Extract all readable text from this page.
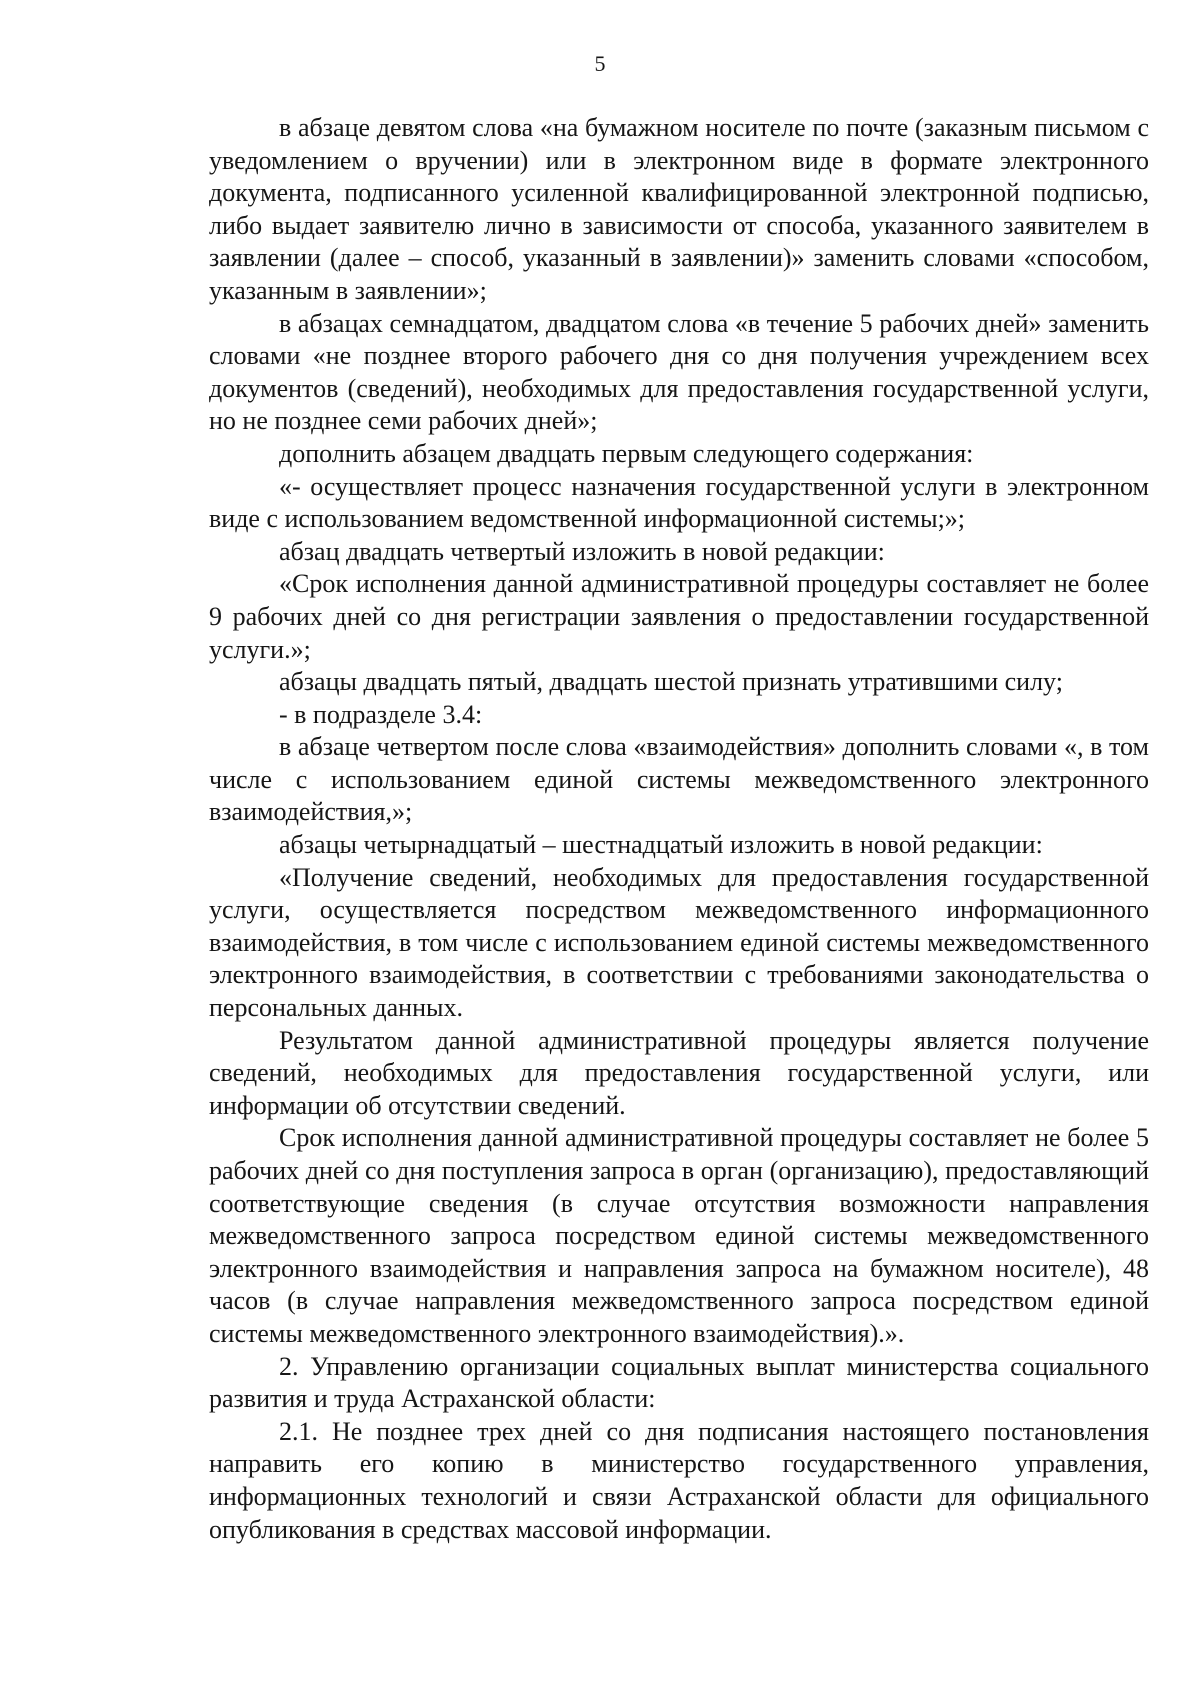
5

в абзаце девятом слова «на бумажном носителе по почте (заказным письмом с уведомлением о вручении) или в электронном виде в формате электронного документа, подписанного усиленной квалифицированной электронной подписью, либо выдает заявителю лично в зависимости от способа, указанного заявителем в заявлении (далее – способ, указанный в заявлении)» заменить словами «способом, указанным в заявлении»;

в абзацах семнадцатом, двадцатом слова «в течение 5 рабочих дней» заменить словами «не позднее второго рабочего дня со дня получения учреждением всех документов (сведений), необходимых для предоставления государственной услуги, но не позднее семи рабочих дней»;

дополнить абзацем двадцать первым следующего содержания:

«- осуществляет процесс назначения государственной услуги в электронном виде с использованием ведомственной информационной системы;»;

абзац двадцать четвертый изложить в новой редакции:

«Срок исполнения данной административной процедуры составляет не более 9 рабочих дней со дня регистрации заявления о предоставлении государственной услуги.»;

абзацы двадцать пятый, двадцать шестой признать утратившими силу;

- в подразделе 3.4:

в абзаце четвертом после слова «взаимодействия» дополнить словами «, в том числе с использованием единой системы межведомственного электронного взаимодействия,»;

абзацы четырнадцатый – шестнадцатый изложить в новой редакции:

«Получение сведений, необходимых для предоставления государственной услуги, осуществляется посредством межведомственного информационного взаимодействия, в том числе с использованием единой системы межведомственного электронного взаимодействия, в соответствии с требованиями законодательства о персональных данных.

Результатом данной административной процедуры является получение сведений, необходимых для предоставления государственной услуги, или информации об отсутствии сведений.

Срок исполнения данной административной процедуры составляет не более 5 рабочих дней со дня поступления запроса в орган (организацию), предоставляющий соответствующие сведения (в случае отсутствия возможности направления межведомственного запроса посредством единой системы межведомственного электронного взаимодействия и направления запроса на бумажном носителе), 48 часов (в случае направления межведомственного запроса посредством единой системы межведомственного электронного взаимодействия).».

2. Управлению организации социальных выплат министерства социального развития и труда Астраханской области:

2.1. Не позднее трех дней со дня подписания настоящего постановления направить его копию в министерство государственного управления, информационных технологий и связи Астраханской области для официального опубликования в средствах массовой информации.
